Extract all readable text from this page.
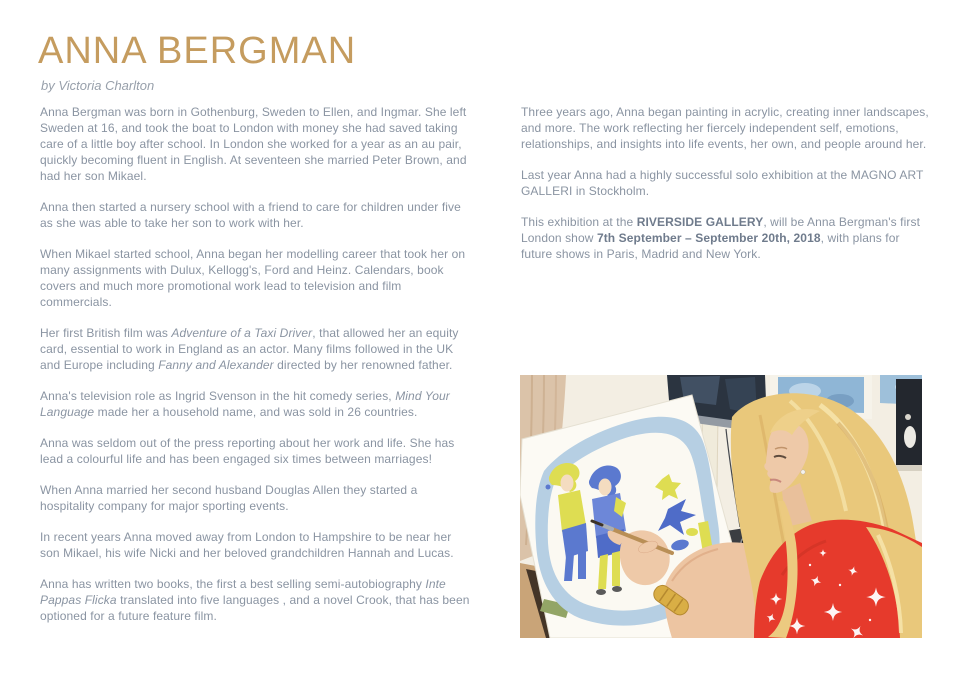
ANNA BERGMAN

by Victoria Charlton

Anna Bergman was born in Gothenburg, Sweden to Ellen, and Ingmar. She left Sweden at 16, and took the boat to London with money she had saved taking care of a little boy after school. In London she worked for a year as an au pair, quickly becoming fluent in English. At seventeen she married Peter Brown, and had her son Mikael.

Anna then started a nursery school with a friend to care for children under five as she was able to take her son to work with her.

When Mikael started school, Anna began her modelling career that took her on many assignments with Dulux, Kellogg's, Ford and Heinz. Calendars, book covers and much more promotional work lead to television and film commercials.

Her first British film was Adventure of a Taxi Driver, that allowed her an equity card, essential to work in England as an actor. Many films followed in the UK and Europe including Fanny and Alexander directed by her renowned father.

Anna's television role as Ingrid Svenson in the hit comedy series, Mind Your Language made her a household name, and was sold in 26 countries.

Anna was seldom out of the press reporting about her work and life. She has lead a colourful life and has been engaged six times between marriages!

When Anna married her second husband Douglas Allen they started a hospitality company for major sporting events.

In recent years Anna moved away from London to Hampshire to be near her son Mikael, his wife Nicki and her beloved grandchildren Hannah and Lucas.

Anna has written two books, the first a best selling semi-autobiography Inte Pappas Flicka translated into five languages , and a novel Crook, that has been optioned for a future feature film.

Three years ago, Anna began painting in acrylic, creating inner landscapes, and more. The work reflecting her fiercely independent self, emotions, relationships, and insights into life events, her own, and people around her.

Last year Anna had a highly successful solo exhibition at the MAGNO ART GALLERI in Stockholm.

This exhibition at the RIVERSIDE GALLERY, will be Anna Bergman's first London show 7th September – September 20th, 2018, with plans for future shows in Paris, Madrid and New York.
